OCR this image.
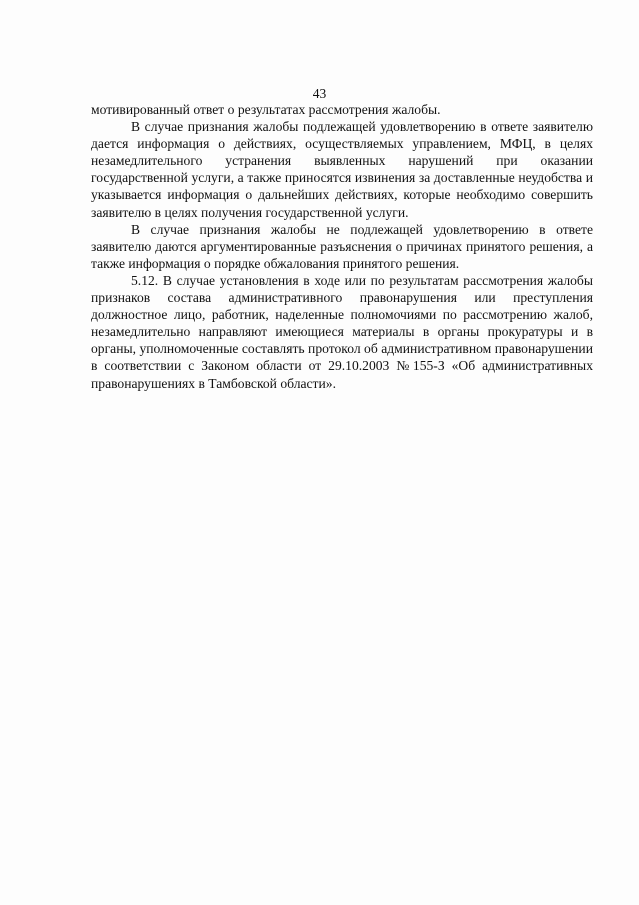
43

мотивированный ответ о результатах рассмотрения жалобы.

В случае признания жалобы подлежащей удовлетворению в ответе заявителю дается информация о действиях, осуществляемых управлением, МФЦ, в целях незамедлительного устранения выявленных нарушений при оказании государственной услуги, а также приносятся извинения за доставленные неудобства и указывается информация о дальнейших действиях, которые необходимо совершить заявителю в целях получения государственной услуги.

В случае признания жалобы не подлежащей удовлетворению в ответе заявителю даются аргументированные разъяснения о причинах принятого решения, а также информация о порядке обжалования принятого решения.

5.12. В случае установления в ходе или по результатам рассмотрения жалобы признаков состава административного правонарушения или преступления должностное лицо, работник, наделенные полномочиями по рассмотрению жалоб, незамедлительно направляют имеющиеся материалы в органы прокуратуры и в органы, уполномоченные составлять протокол об административном правонарушении в соответствии с Законом области от 29.10.2003 №155-З «Об административных правонарушениях в Тамбовской области».
